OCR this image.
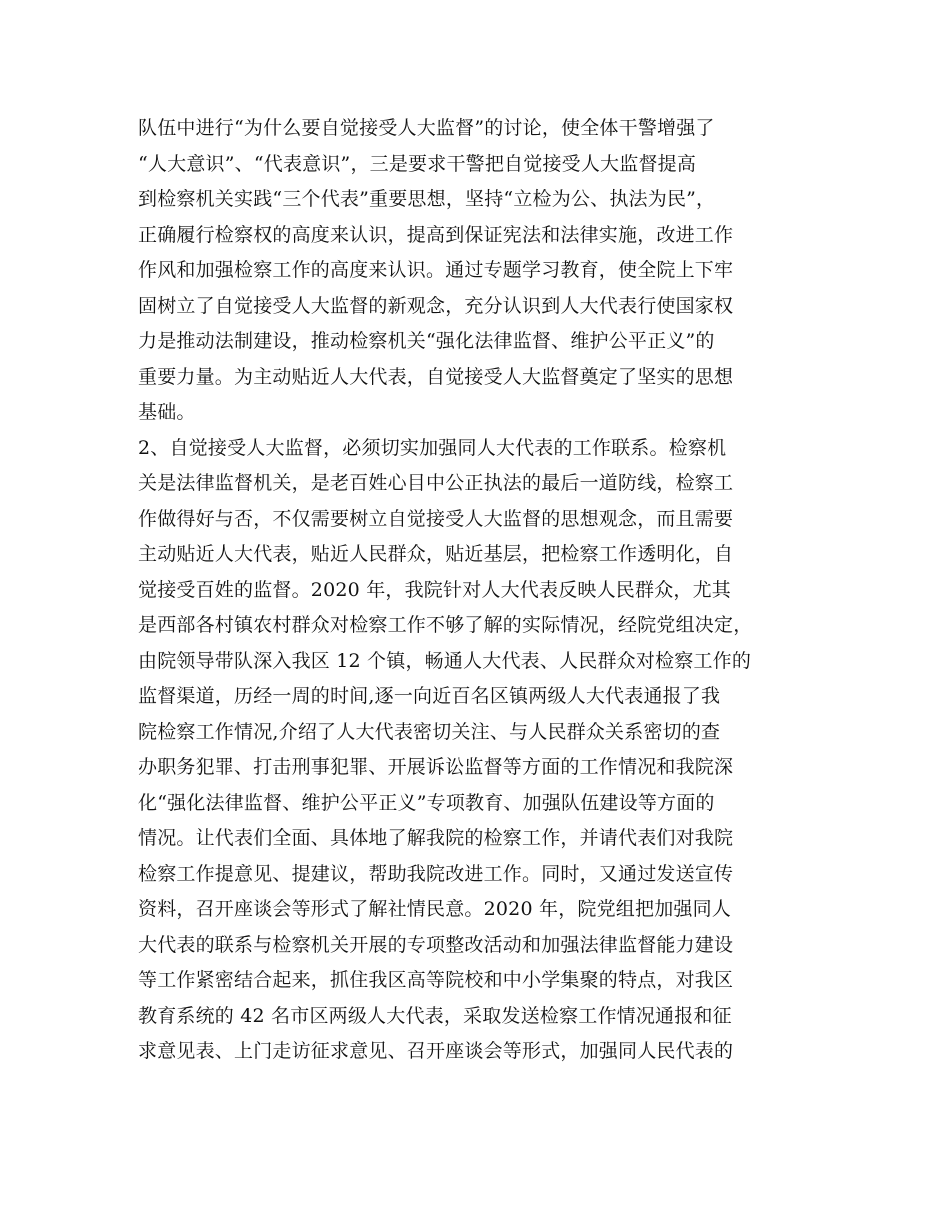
队伍中进行“为什么要自觉接受人大监督”的讨论，使全体干警增强了
“人大意识”、“代表意识”，三是要求干警把自觉接受人大监督提高
到检察机关实践“三个代表”重要思想，坚持“立检为公、执法为民”，
正确履行检察权的高度来认识，提高到保证宪法和法律实施，改进工作
作风和加强检察工作的高度来认识。通过专题学习教育，使全院上下牢
固树立了自觉接受人大监督的新观念，充分认识到人大代表行使国家权
力是推动法制建设，推动检察机关“强化法律监督、维护公平正义”的
重要力量。为主动贴近人大代表，自觉接受人大监督奠定了坚实的思想
基础。
2、自觉接受人大监督，必须切实加强同人大代表的工作联系。检察机
关是法律监督机关，是老百姓心目中公正执法的最后一道防线，检察工
作做得好与否，不仅需要树立自觉接受人大监督的思想观念，而且需要
主动贴近人大代表，贴近人民群众，贴近基层，把检察工作透明化，自
觉接受百姓的监督。2020 年，我院针对人大代表反映人民群众，尤其
是西部各村镇农村群众对检察工作不够了解的实际情况，经院党组决定，
由院领导带队深入我区 12 个镇，畅通人大代表、人民群众对检察工作的
监督渠道，历经一周的时间,逐一向近百名区镇两级人大代表通报了我
院检察工作情况,介绍了人大代表密切关注、与人民群众关系密切的查
办职务犯罪、打击刑事犯罪、开展诉讼监督等方面的工作情况和我院深
化“强化法律监督、维护公平正义”专项教育、加强队伍建设等方面的
情况。让代表们全面、具体地了解我院的检察工作，并请代表们对我院
检察工作提意见、提建议，帮助我院改进工作。同时，又通过发送宣传
资料，召开座谈会等形式了解社情民意。2020 年，院党组把加强同人
大代表的联系与检察机关开展的专项整改活动和加强法律监督能力建设
等工作紧密结合起来，抓住我区高等院校和中小学集聚的特点，对我区
教育系统的 42 名市区两级人大代表，采取发送检察工作情况通报和征
求意见表、上门走访征求意见、召开座谈会等形式，加强同人民代表的
